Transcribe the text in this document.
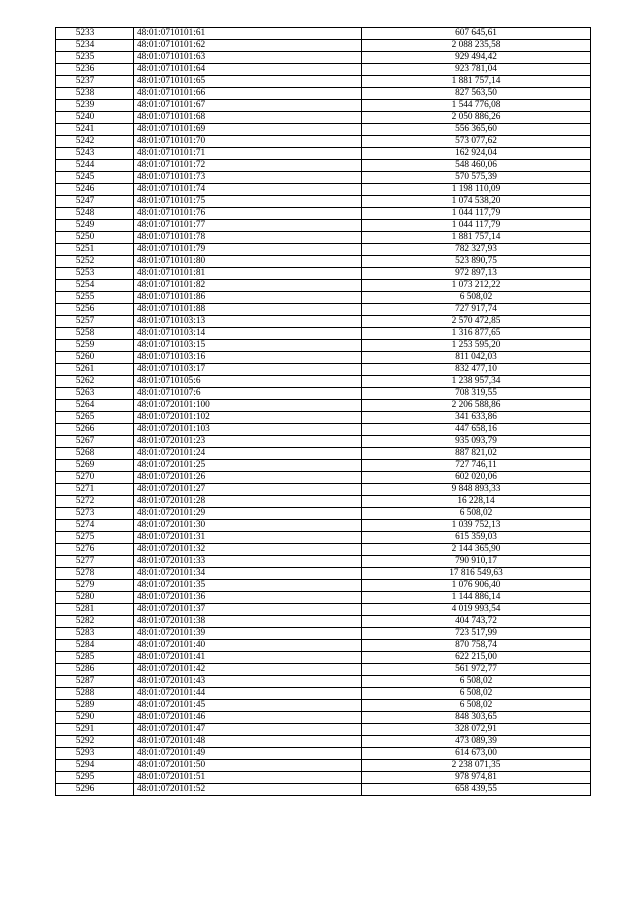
5233	48:01:0710101:61	607 645,61
5234	48:01:0710101:62	2 088 235,58
5235	48:01:0710101:63	929 494,42
5236	48:01:0710101:64	923 781,04
5237	48:01:0710101:65	1 881 757,14
5238	48:01:0710101:66	827 563,50
5239	48:01:0710101:67	1 544 776,08
5240	48:01:0710101:68	2 050 886,26
5241	48:01:0710101:69	556 365,60
5242	48:01:0710101:70	573 077,62
5243	48:01:0710101:71	162 924,04
5244	48:01:0710101:72	548 460,06
5245	48:01:0710101:73	570 575,39
5246	48:01:0710101:74	1 198 110,09
5247	48:01:0710101:75	1 074 538,20
5248	48:01:0710101:76	1 044 117,79
5249	48:01:0710101:77	1 044 117,79
5250	48:01:0710101:78	1 881 757,14
5251	48:01:0710101:79	782 327,93
5252	48:01:0710101:80	523 890,75
5253	48:01:0710101:81	972 897,13
5254	48:01:0710101:82	1 073 212,22
5255	48:01:0710101:86	6 508,02
5256	48:01:0710101:88	727 917,74
5257	48:01:0710103:13	2 570 472,85
5258	48:01:0710103:14	1 316 877,65
5259	48:01:0710103:15	1 253 595,20
5260	48:01:0710103:16	811 042,03
5261	48:01:0710103:17	832 477,10
5262	48:01:0710105:6	1 238 957,34
5263	48:01:0710107:6	708 319,55
5264	48:01:0720101:100	2 206 588,86
5265	48:01:0720101:102	341 633,86
5266	48:01:0720101:103	447 658,16
5267	48:01:0720101:23	935 093,79
5268	48:01:0720101:24	887 821,02
5269	48:01:0720101:25	727 746,11
5270	48:01:0720101:26	602 020,06
5271	48:01:0720101:27	9 848 893,33
5272	48:01:0720101:28	16 228,14
5273	48:01:0720101:29	6 508,02
5274	48:01:0720101:30	1 039 752,13
5275	48:01:0720101:31	615 359,03
5276	48:01:0720101:32	2 144 365,90
5277	48:01:0720101:33	790 910,17
5278	48:01:0720101:34	17 816 549,63
5279	48:01:0720101:35	1 076 906,40
5280	48:01:0720101:36	1 144 886,14
5281	48:01:0720101:37	4 019 993,54
5282	48:01:0720101:38	404 743,72
5283	48:01:0720101:39	723 517,99
5284	48:01:0720101:40	870 758,74
5285	48:01:0720101:41	622 215,00
5286	48:01:0720101:42	561 972,77
5287	48:01:0720101:43	6 508,02
5288	48:01:0720101:44	6 508,02
5289	48:01:0720101:45	6 508,02
5290	48:01:0720101:46	848 303,65
5291	48:01:0720101:47	328 072,91
5292	48:01:0720101:48	473 089,39
5293	48:01:0720101:49	614 673,00
5294	48:01:0720101:50	2 238 071,35
5295	48:01:0720101:51	978 974,81
5296	48:01:0720101:52	658 439,55
